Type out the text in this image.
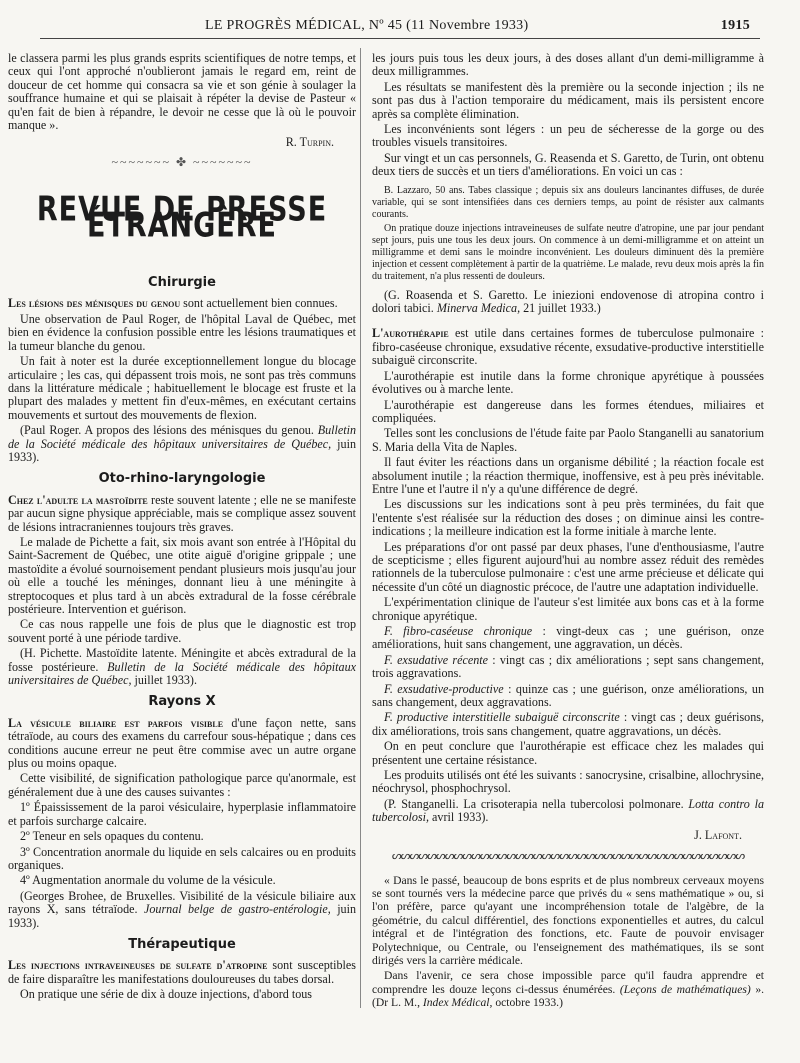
LE PROGRÈS MÉDICAL, Nº 45 (11 Novembre 1933)	1915

le classera parmi les plus grands esprits scientifiques de notre temps, et ceux qui l'ont approché n'oublieront jamais le regard em, reint de douceur de cet homme qui consacra sa vie et son génie à soulager la souffrance humaine et qui se plaisait à répéter la devise de Pasteur « qu'en fait de bien à répandre, le devoir ne cesse que là où le pouvoir manque ».

R. Turpin.
~~~~~~~ ✤ ~~~~~~~
REVUE DE PRESSE ÉTRANGÈRE
Chirurgie

Les lésions des ménisques du genou sont actuellement bien connues.

Une observation de Paul Roger, de l'hôpital Laval de Québec, met bien en évidence la confusion possible entre les lésions traumatiques et la tumeur blanche du genou.

Un fait à noter est la durée exceptionnellement longue du blocage articulaire ; les cas, qui dépassent trois mois, ne sont pas très communs dans la littérature médicale ; habituellement le blocage est fruste et la plupart des malades y mettent fin d'eux-mêmes, en exécutant certains mouvements et surtout des mouvements de flexion.

(Paul Roger. A propos des lésions des ménisques du genou. Bulletin de la Société médicale des hôpitaux universitaires de Québec, juin 1933).

Oto-rhino-laryngologie

Chez l'adulte la mastoïdite reste souvent latente ; elle ne se manifeste par aucun signe physique appréciable, mais se complique assez souvent de lésions intracraniennes toujours très graves.

Le malade de Pichette a fait, six mois avant son entrée à l'Hôpital du Saint-Sacrement de Québec, une otite aiguë d'origine grippale ; une mastoïdite a évolué sournoisement pendant plusieurs mois jusqu'au jour où elle a touché les méninges, donnant lieu à une méningite à streptocoques et plus tard à un abcès extradural de la fosse cérébrale postérieure. Intervention et guérison.

Ce cas nous rappelle une fois de plus que le diagnostic est trop souvent porté à une période tardive.

(H. Pichette. Mastoïdite latente. Méningite et abcès extradural de la fosse postérieure. Bulletin de la Société médicale des hôpitaux universitaires de Québec, juillet 1933).

Rayons X

La vésicule biliaire est parfois visible d'une façon nette, sans tétraïode, au cours des examens du carrefour sous-hépatique ; dans ces conditions aucune erreur ne peut être commise avec un autre organe plus ou moins opaque.

Cette visibilité, de signification pathologique parce qu'anormale, est généralement due à une des causes suivantes :

1º Épaississement de la paroi vésiculaire, hyperplasie inflammatoire et parfois surcharge calcaire.

2º Teneur en sels opaques du contenu.

3º Concentration anormale du liquide en sels calcaires ou en produits organiques.

4º Augmentation anormale du volume de la vésicule.

(Georges Brohee, de Bruxelles. Visibilité de la vésicule biliaire aux rayons X, sans tétraïode. Journal belge de gastro-entérologie, juin 1933).

Thérapeutique

Les injections intraveineuses de sulfate d'atropine sont susceptibles de faire disparaître les manifestations douloureuses du tabes dorsal.

On pratique une série de dix à douze injections, d'abord tous

les jours puis tous les deux jours, à des doses allant d'un demi-milligramme à deux milligrammes.

Les résultats se manifestent dès la première ou la seconde injection ; ils ne sont pas dus à l'action temporaire du médicament, mais ils persistent encore après sa complète élimination.

Les inconvénients sont légers : un peu de sécheresse de la gorge ou des troubles visuels transitoires.

Sur vingt et un cas personnels, G. Reasenda et S. Garetto, de Turin, ont obtenu deux tiers de succès et un tiers d'améliorations. En voici un cas :

B. Lazzaro, 50 ans. Tabes classique ; depuis six ans douleurs lancinantes diffuses, de durée variable, qui se sont intensifiées dans ces derniers temps, au point de résister aux calmants courants.

On pratique douze injections intraveineuses de sulfate neutre d'atropine, une par jour pendant sept jours, puis une tous les deux jours. On commence à un demi-milligramme et on atteint un milligramme et demi sans le moindre inconvénient. Les douleurs diminuent dès la première injection et cessent complètement à partir de la quatrième. Le malade, revu deux mois après la fin du traitement, n'a plus ressenti de douleurs.

(G. Roasenda et S. Garetto. Le iniezioni endovenose di atropina contro i dolori tabici. Minerva Medica, 21 juillet 1933.)

L'aurothérapie est utile dans certaines formes de tuberculose pulmonaire : fibro-caséeuse chronique, exsudative récente, exsudative-productive interstitielle subaiguë circonscrite.

L'aurothérapie est inutile dans la forme chronique apyrétique à poussées évolutives ou à marche lente.

L'aurothérapie est dangereuse dans les formes étendues, miliaires et compliquées.

Telles sont les conclusions de l'étude faite par Paolo Stanganelli au sanatorium S. Maria della Vita de Naples.

Il faut éviter les réactions dans un organisme débilité ; la réaction focale est absolument inutile ; la réaction thermique, inoffensive, est à peu près inévitable. Entre l'une et l'autre il n'y a qu'une différence de degré.

Les discussions sur les indications sont à peu près terminées, du fait que l'entente s'est réalisée sur la réduction des doses ; on diminue ainsi les contre-indications ; la meilleure indication est la forme initiale à marche lente.

Les préparations d'or ont passé par deux phases, l'une d'enthousiasme, l'autre de scepticisme ; elles figurent aujourd'hui au nombre assez réduit des remèdes rationnels de la tuberculose pulmonaire : c'est une arme précieuse et délicate qui nécessite d'un côté un diagnostic précoce, de l'autre une adaptation individuelle.

L'expérimentation clinique de l'auteur s'est limitée aux bons cas et à la forme chronique apyrétique.

F. fibro-caséeuse chronique : vingt-deux cas ; une guérison, onze améliorations, huit sans changement, une aggravation, un décès.

F. exsudative récente : vingt cas ; dix améliorations ; sept sans changement, trois aggravations.

F. exsudative-productive : quinze cas ; une guérison, onze améliorations, un sans changement, deux aggravations.

F. productive interstitielle subaiguë circonscrite : vingt cas ; deux guérisons, dix améliorations, trois sans changement, quatre aggravations, un décès.

On en peut conclure que l'aurothérapie est efficace chez les malades qui présentent une certaine résistance.

Les produits utilisés ont été les suivants : sanocrysine, crisalbine, allochrysine, néochrysol, phosphochrysol.

(P. Stanganelli. La crisoterapia nella tubercolosi polmonare. Lotta contro la tubercolosi, avril 1933).

J. Lafont.
ᔕᔕᔕᔕᔕᔕᔕᔕᔕᔕᔕᔕᔕᔕᔕᔕᔕᔕᔕᔕᔕᔕᔕᔕᔕᔕᔕᔕᔕᔕᔕᔕᔕᔕᔕᔕᔕᔕᔕᔕ

« Dans le passé, beaucoup de bons esprits et de plus nombreux cerveaux moyens se sont tournés vers la médecine parce que privés du « sens mathématique » ou, si l'on préfère, parce qu'ayant une incompréhension totale de l'algèbre, de la géométrie, du calcul différentiel, des fonctions exponentielles et autres, du calcul intégral et de l'intégration des fonctions, etc. Faute de pouvoir envisager Polytechnique, ou Centrale, ou l'enseignement des mathématiques, ils se sont dirigés vers la carrière médicale.

Dans l'avenir, ce sera chose impossible parce qu'il faudra apprendre et comprendre les douze leçons ci-dessus énumérées. (Leçons de mathématiques) ». (Dr L. M., Index Médical, octobre 1933.)
